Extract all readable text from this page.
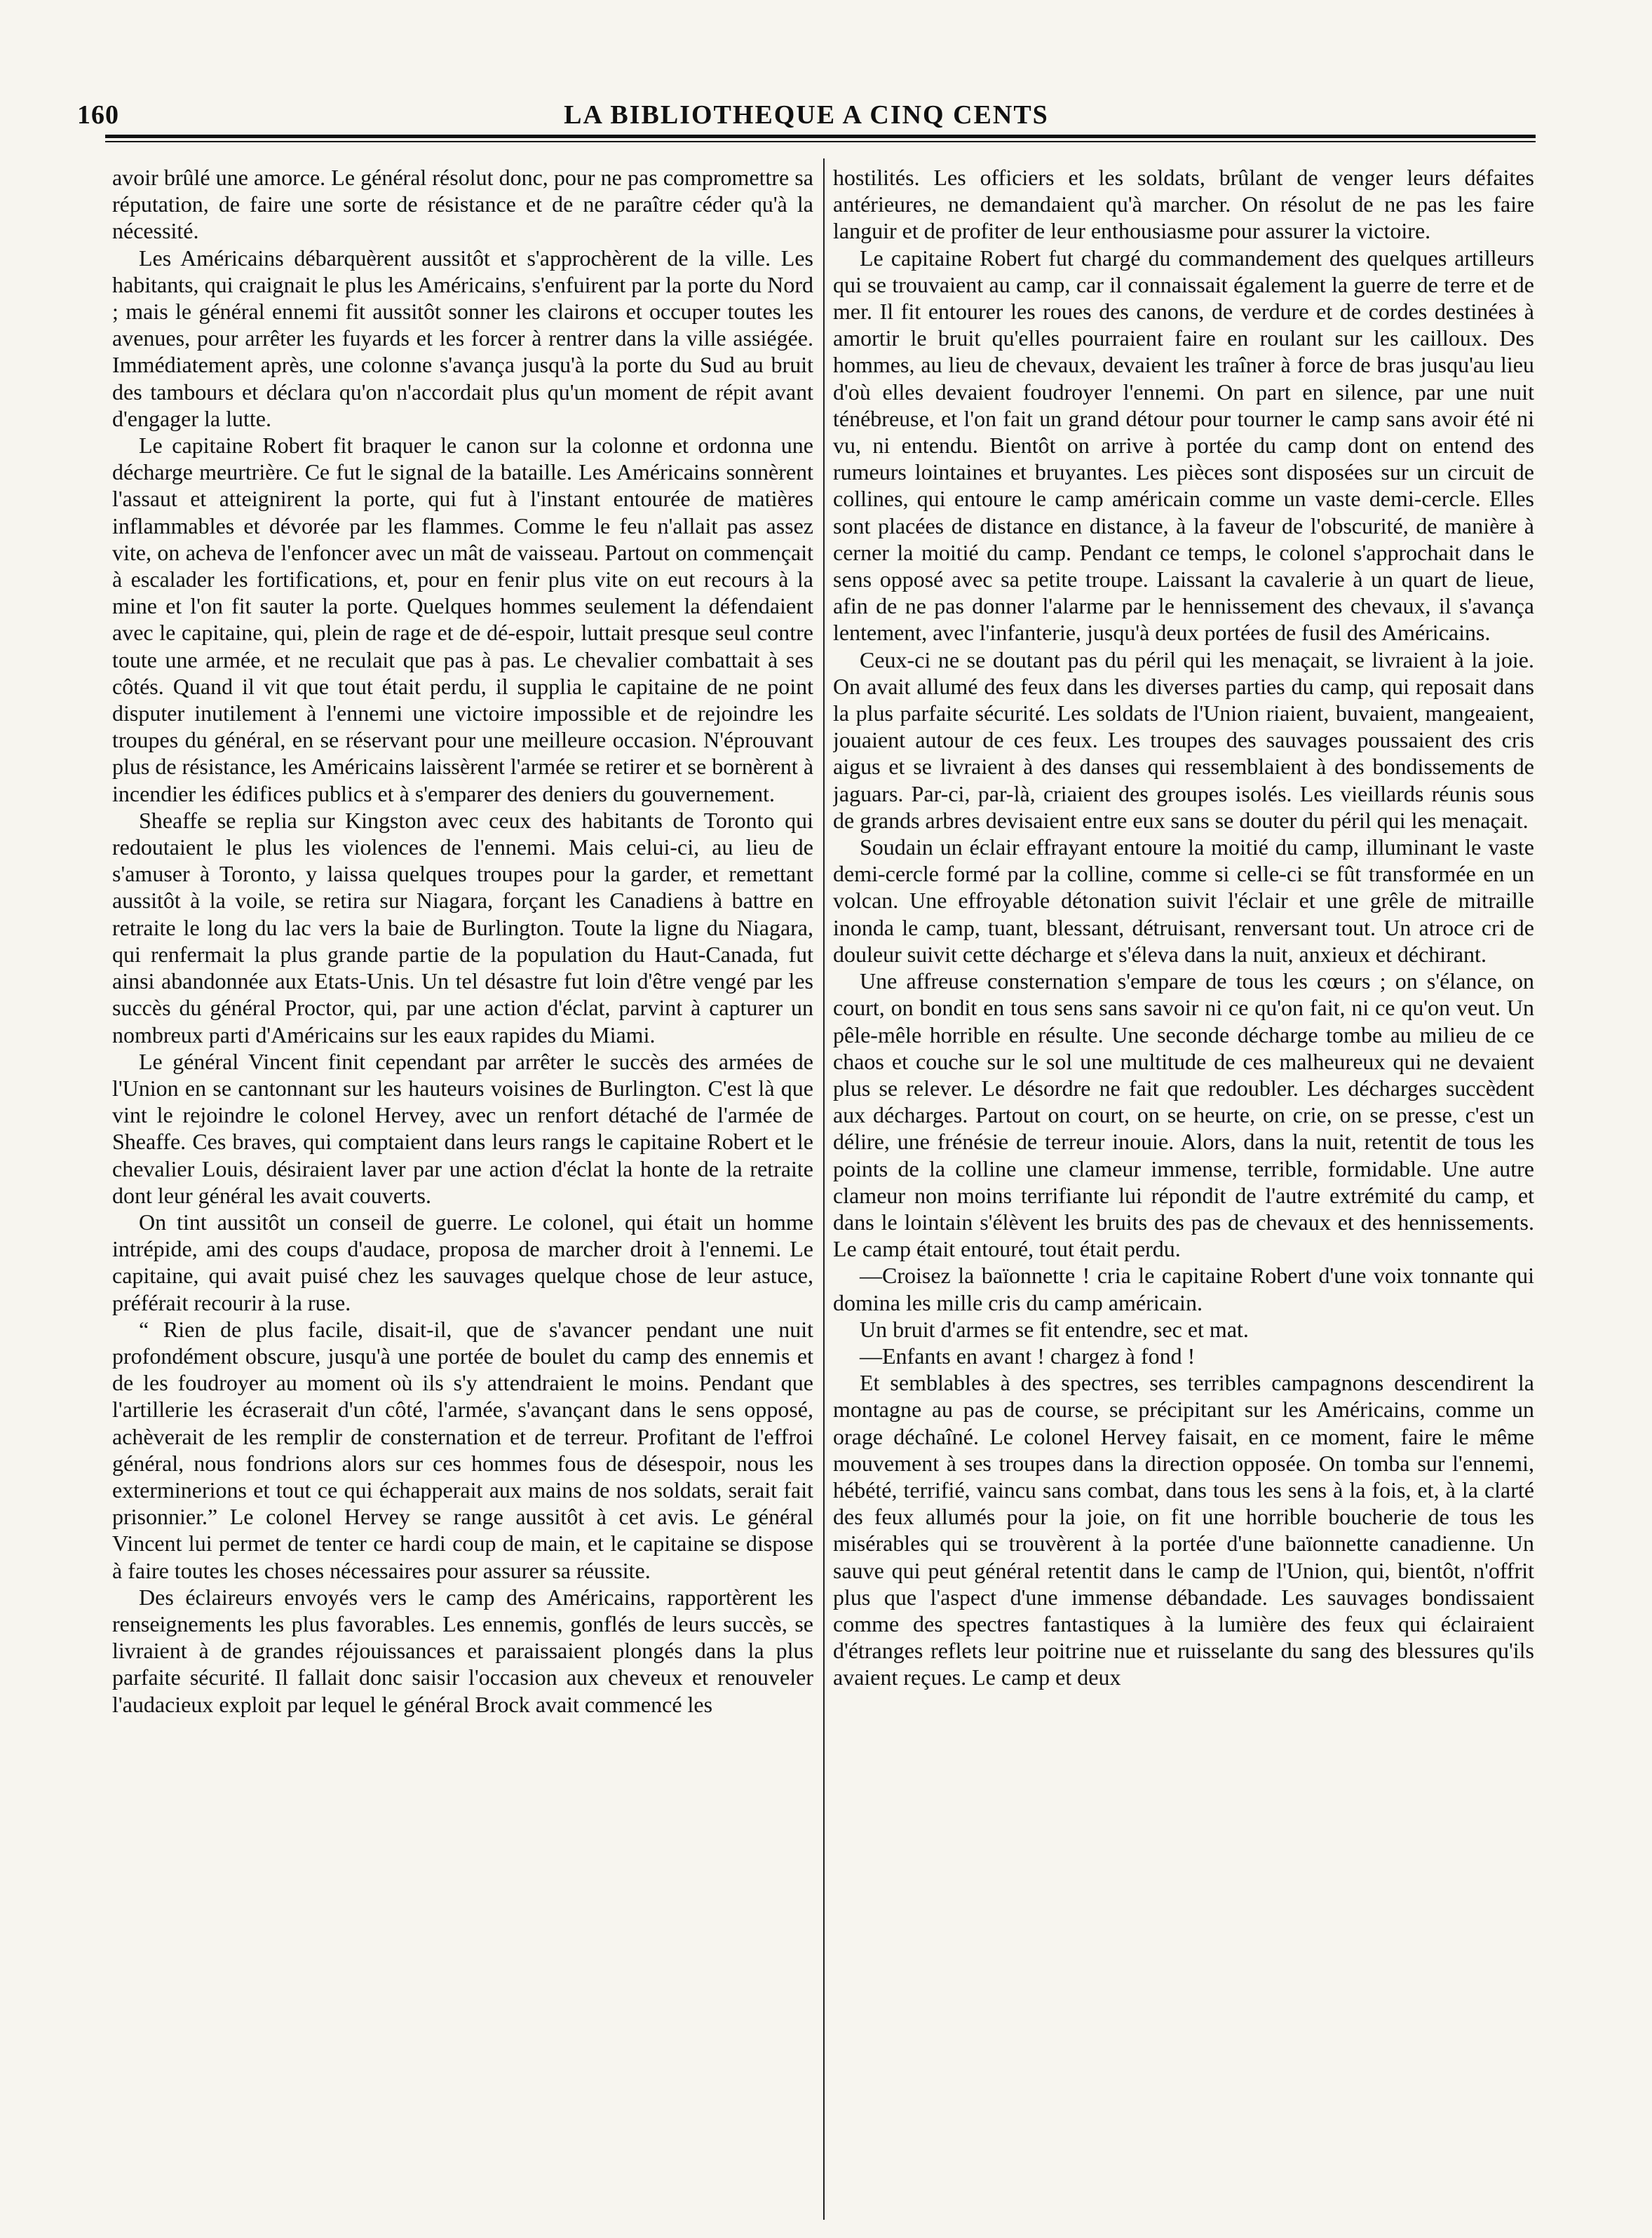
160	LA BIBLIOTHEQUE A CINQ CENTS

avoir brûlé une amorce. Le général résolut donc, pour ne pas compromettre sa réputation, de faire une sorte de résistance et de ne paraître céder qu'à la nécessité.

Les Américains débarquèrent aussitôt et s'approchèrent de la ville. Les habitants, qui craignait le plus les Américains, s'enfuirent par la porte du Nord ; mais le général ennemi fit aussitôt sonner les clairons et occuper toutes les avenues, pour arrêter les fuyards et les forcer à rentrer dans la ville assiégée. Immédiatement après, une colonne s'avança jusqu'à la porte du Sud au bruit des tambours et déclara qu'on n'accordait plus qu'un moment de répit avant d'engager la lutte.

Le capitaine Robert fit braquer le canon sur la colonne et ordonna une décharge meurtrière. Ce fut le signal de la bataille. Les Américains sonnèrent l'assaut et atteignirent la porte, qui fut à l'instant entourée de matières inflammables et dévorée par les flammes. Comme le feu n'allait pas assez vite, on acheva de l'enfoncer avec un mât de vaisseau. Partout on commençait à escalader les fortifications, et, pour en fenir plus vite on eut recours à la mine et l'on fit sauter la porte. Quelques hommes seulement la défendaient avec le capitaine, qui, plein de rage et de dé-espoir, luttait presque seul contre toute une armée, et ne reculait que pas à pas. Le chevalier combattait à ses côtés. Quand il vit que tout était perdu, il supplia le capitaine de ne point disputer inutilement à l'ennemi une victoire impossible et de rejoindre les troupes du général, en se réservant pour une meilleure occasion. N'éprouvant plus de résistance, les Américains laissèrent l'armée se retirer et se bornèrent à incendier les édifices publics et à s'emparer des deniers du gouvernement.

Sheaffe se replia sur Kingston avec ceux des habitants de Toronto qui redoutaient le plus les violences de l'ennemi. Mais celui-ci, au lieu de s'amuser à Toronto, y laissa quelques troupes pour la garder, et remettant aussitôt à la voile, se retira sur Niagara, forçant les Canadiens à battre en retraite le long du lac vers la baie de Burlington. Toute la ligne du Niagara, qui renfermait la plus grande partie de la population du Haut-Canada, fut ainsi abandonnée aux Etats-Unis. Un tel désastre fut loin d'être vengé par les succès du général Proctor, qui, par une action d'éclat, parvint à capturer un nombreux parti d'Américains sur les eaux rapides du Miami.

Le général Vincent finit cependant par arrêter le succès des armées de l'Union en se cantonnant sur les hauteurs voisines de Burlington. C'est là que vint le rejoindre le colonel Hervey, avec un renfort détaché de l'armée de Sheaffe. Ces braves, qui comptaient dans leurs rangs le capitaine Robert et le chevalier Louis, désiraient laver par une action d'éclat la honte de la retraite dont leur général les avait couverts.

On tint aussitôt un conseil de guerre. Le colonel, qui était un homme intrépide, ami des coups d'audace, proposa de marcher droit à l'ennemi. Le capitaine, qui avait puisé chez les sauvages quelque chose de leur astuce, préférait recourir à la ruse.

“ Rien de plus facile, disait-il, que de s'avancer pendant une nuit profondément obscure, jusqu'à une portée de boulet du camp des ennemis et de les foudroyer au moment où ils s'y attendraient le moins. Pendant que l'artillerie les écraserait d'un côté, l'armée, s'avançant dans le sens opposé, achèverait de les remplir de consternation et de terreur. Profitant de l'effroi général, nous fondrions alors sur ces hommes fous de désespoir, nous les exterminerions et tout ce qui échapperait aux mains de nos soldats, serait fait prisonnier.” Le colonel Hervey se range aussitôt à cet avis. Le général Vincent lui permet de tenter ce hardi coup de main, et le capitaine se dispose à faire toutes les choses nécessaires pour assurer sa réussite.

Des éclaireurs envoyés vers le camp des Américains, rapportèrent les renseignements les plus favorables. Les ennemis, gonflés de leurs succès, se livraient à de grandes réjouissances et paraissaient plongés dans la plus parfaite sécurité. Il fallait donc saisir l'occasion aux cheveux et renouveler l'audacieux exploit par lequel le général Brock avait commencé les

hostilités. Les officiers et les soldats, brûlant de venger leurs défaites antérieures, ne demandaient qu'à marcher. On résolut de ne pas les faire languir et de profiter de leur enthousiasme pour assurer la victoire.

Le capitaine Robert fut chargé du commandement des quelques artilleurs qui se trouvaient au camp, car il connaissait également la guerre de terre et de mer. Il fit entourer les roues des canons, de verdure et de cordes destinées à amortir le bruit qu'elles pourraient faire en roulant sur les cailloux. Des hommes, au lieu de chevaux, devaient les traîner à force de bras jusqu'au lieu d'où elles devaient foudroyer l'ennemi. On part en silence, par une nuit ténébreuse, et l'on fait un grand détour pour tourner le camp sans avoir été ni vu, ni entendu. Bientôt on arrive à portée du camp dont on entend des rumeurs lointaines et bruyantes. Les pièces sont disposées sur un circuit de collines, qui entoure le camp américain comme un vaste demi-cercle. Elles sont placées de distance en distance, à la faveur de l'obscurité, de manière à cerner la moitié du camp. Pendant ce temps, le colonel s'approchait dans le sens opposé avec sa petite troupe. Laissant la cavalerie à un quart de lieue, afin de ne pas donner l'alarme par le hennissement des chevaux, il s'avança lentement, avec l'infanterie, jusqu'à deux portées de fusil des Américains.

Ceux-ci ne se doutant pas du péril qui les menaçait, se livraient à la joie. On avait allumé des feux dans les diverses parties du camp, qui reposait dans la plus parfaite sécurité. Les soldats de l'Union riaient, buvaient, mangeaient, jouaient autour de ces feux. Les troupes des sauvages poussaient des cris aigus et se livraient à des danses qui ressemblaient à des bondissements de jaguars. Par-ci, par-là, criaient des groupes isolés. Les vieillards réunis sous de grands arbres devisaient entre eux sans se douter du péril qui les menaçait.

Soudain un éclair effrayant entoure la moitié du camp, illuminant le vaste demi-cercle formé par la colline, comme si celle-ci se fût transformée en un volcan. Une effroyable détonation suivit l'éclair et une grêle de mitraille inonda le camp, tuant, blessant, détruisant, renversant tout. Un atroce cri de douleur suivit cette décharge et s'éleva dans la nuit, anxieux et déchirant.

Une affreuse consternation s'empare de tous les cœurs ; on s'élance, on court, on bondit en tous sens sans savoir ni ce qu'on fait, ni ce qu'on veut. Un pêle-mêle horrible en résulte. Une seconde décharge tombe au milieu de ce chaos et couche sur le sol une multitude de ces malheureux qui ne devaient plus se relever. Le désordre ne fait que redoubler. Les décharges succèdent aux décharges. Partout on court, on se heurte, on crie, on se presse, c'est un délire, une frénésie de terreur inouie. Alors, dans la nuit, retentit de tous les points de la colline une clameur immense, terrible, formidable. Une autre clameur non moins terrifiante lui répondit de l'autre extrémité du camp, et dans le lointain s'élèvent les bruits des pas de chevaux et des hennissements. Le camp était entouré, tout était perdu.

—Croisez la baïonnette ! cria le capitaine Robert d'une voix tonnante qui domina les mille cris du camp américain.

Un bruit d'armes se fit entendre, sec et mat.

—Enfants en avant ! chargez à fond !

Et semblables à des spectres, ses terribles campagnons descendirent la montagne au pas de course, se précipitant sur les Américains, comme un orage déchaîné. Le colonel Hervey faisait, en ce moment, faire le même mouvement à ses troupes dans la direction opposée. On tomba sur l'ennemi, hébété, terrifié, vaincu sans combat, dans tous les sens à la fois, et, à la clarté des feux allumés pour la joie, on fit une horrible boucherie de tous les misérables qui se trouvèrent à la portée d'une baïonnette canadienne. Un sauve qui peut général retentit dans le camp de l'Union, qui, bientôt, n'offrit plus que l'aspect d'une immense débandade. Les sauvages bondissaient comme des spectres fantastiques à la lumière des feux qui éclairaient d'étranges reflets leur poitrine nue et ruisselante du sang des blessures qu'ils avaient reçues. Le camp et deux
